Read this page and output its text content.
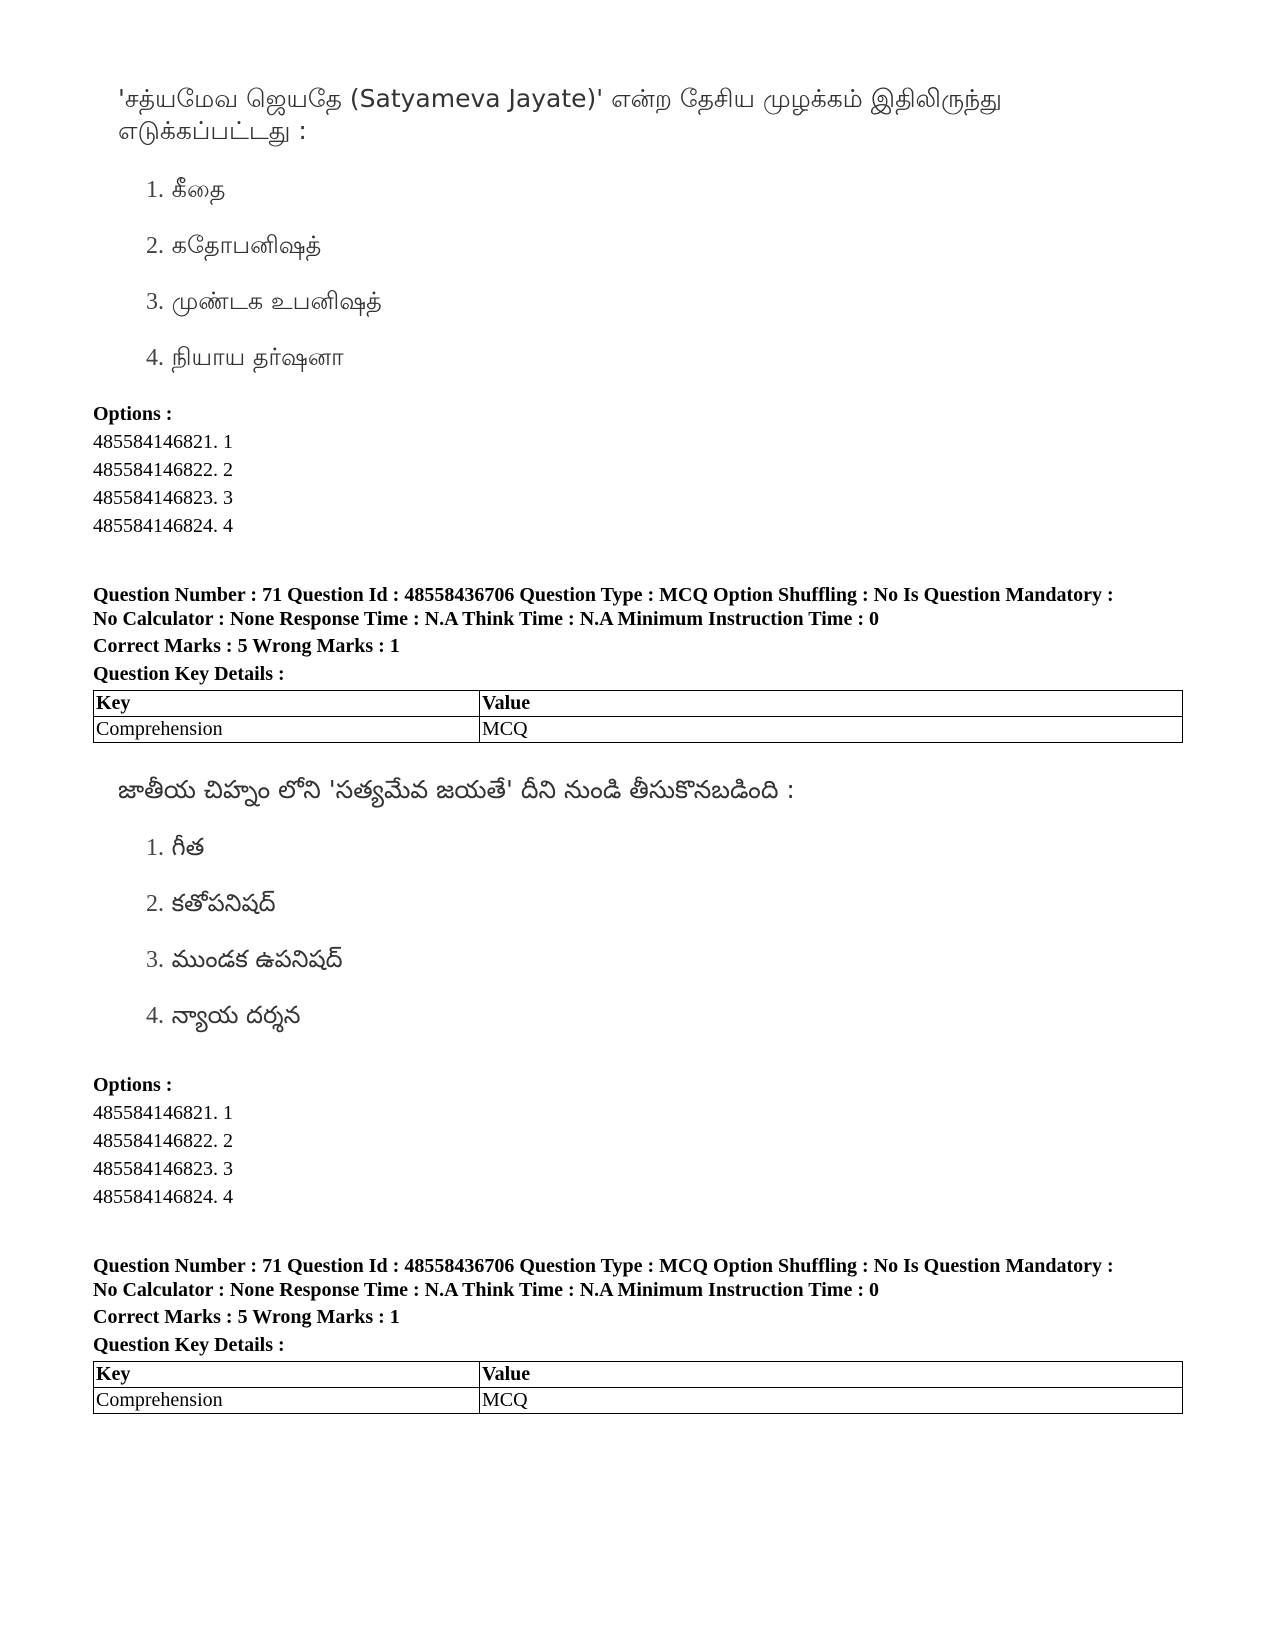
'சத்யமேவ ஜெயதே (Satyameva Jayate)' என்ற தேசிய முழக்கம் இதிலிருந்து எடுக்கப்பட்டது :
1. கீதை
2. கதோபனிஷத்
3. முண்டக உபனிஷத்
4. நியாய தர்ஷனா
Options :
485584146821. 1
485584146822. 2
485584146823. 3
485584146824. 4
Question Number : 71 Question Id : 48558436706 Question Type : MCQ Option Shuffling : No Is Question Mandatory :
No Calculator : None Response Time : N.A Think Time : N.A Minimum Instruction Time : 0
Correct Marks : 5 Wrong Marks : 1
Question Key Details :
Key	Value
Comprehension	MCQ
జాతీయ చిహ్నం లోని 'సత్యమేవ జయతే' దీని నుండి తీసుకొనబడింది :
1. గీత
2. కతోపనిషద్
3. ముండక ఉపనిషద్
4. న్యాయ దర్శన
Options :
485584146821. 1
485584146822. 2
485584146823. 3
485584146824. 4
Question Number : 71 Question Id : 48558436706 Question Type : MCQ Option Shuffling : No Is Question Mandatory :
No Calculator : None Response Time : N.A Think Time : N.A Minimum Instruction Time : 0
Correct Marks : 5 Wrong Marks : 1
Question Key Details :
Key	Value
Comprehension	MCQ
